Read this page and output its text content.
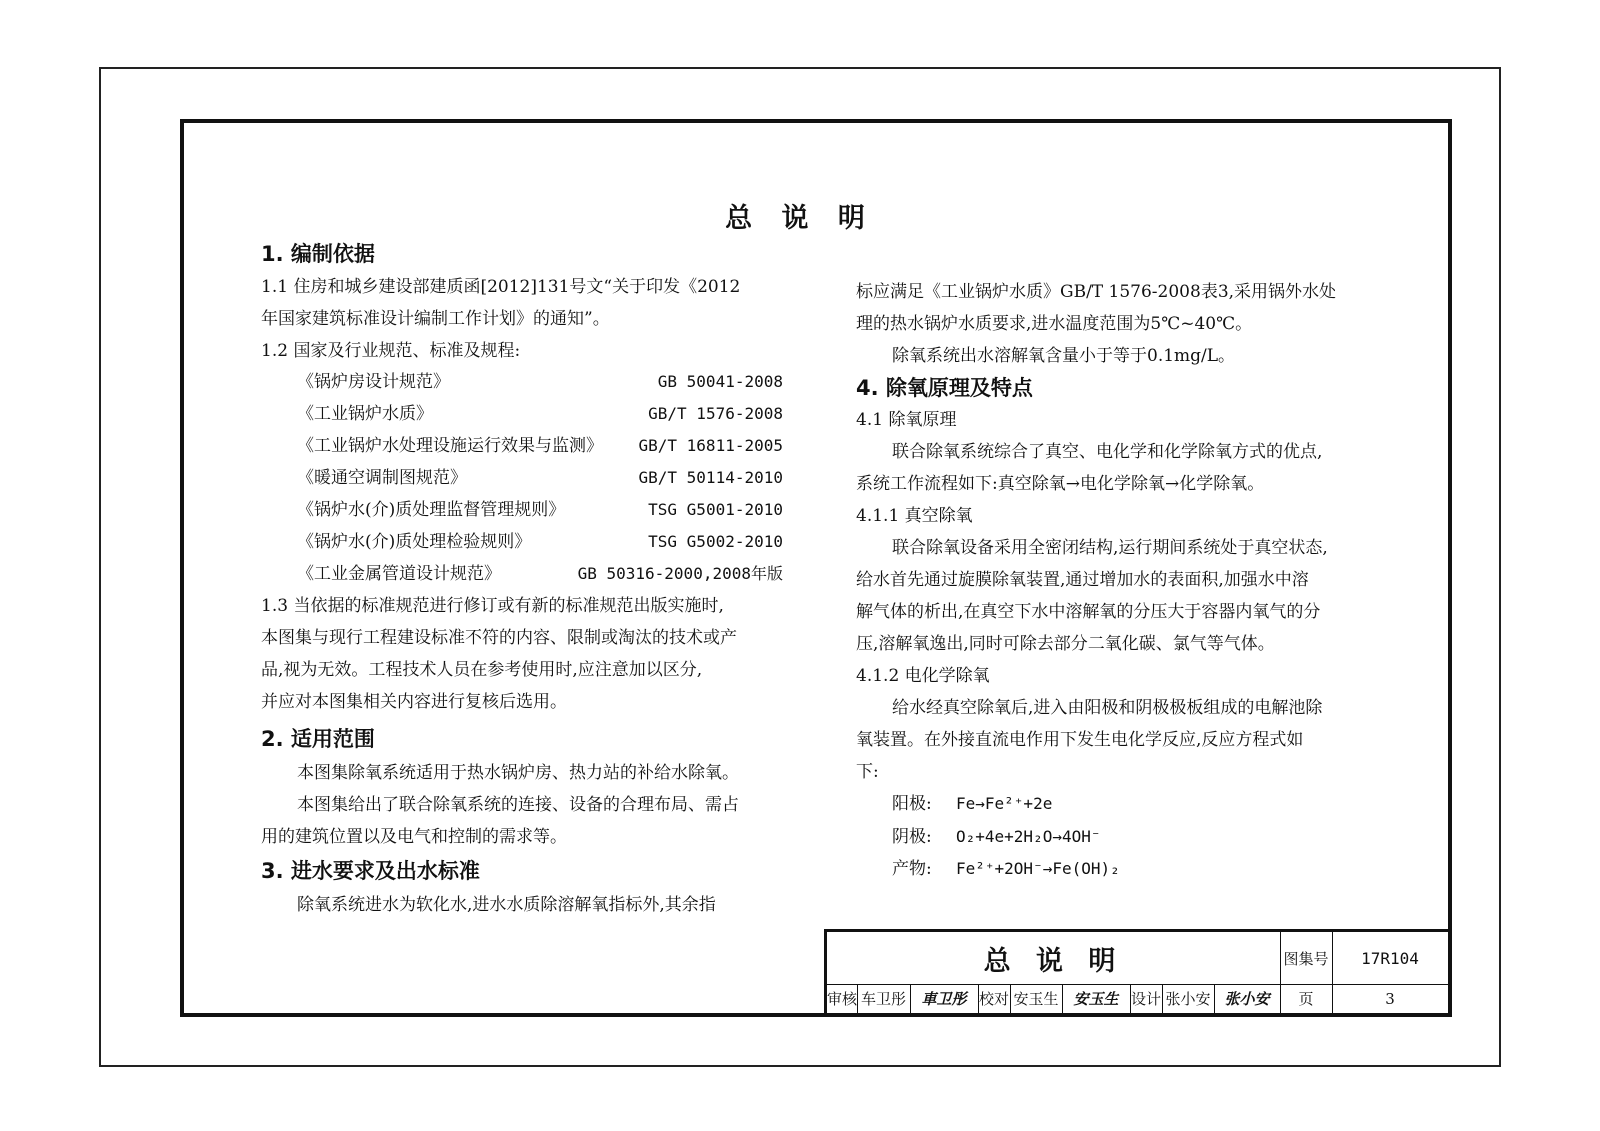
总 说 明
1. 编制依据
1.1 住房和城乡建设部建质函[2012]131号文“关于印发《2012
年国家建筑标准设计编制工作计划》的通知”。
1.2 国家及行业规范、标准及规程:
《锅炉房设计规范》	GB 50041-2008
《工业锅炉水质》	GB/T 1576-2008
《工业锅炉水处理设施运行效果与监测》 GB/T 16811-2005
《暖通空调制图规范》	GB/T 50114-2010
《锅炉水(介)质处理监督管理规则》	TSG G5001-2010
《锅炉水(介)质处理检验规则》	TSG G5002-2010
《工业金属管道设计规范》	GB 50316-2000,2008年版
1.3 当依据的标准规范进行修订或有新的标准规范出版实施时,
本图集与现行工程建设标准不符的内容、限制或淘汰的技术或产
品,视为无效。工程技术人员在参考使用时,应注意加以区分,
并应对本图集相关内容进行复核后选用。
2. 适用范围
本图集除氧系统适用于热水锅炉房、热力站的补给水除氧。
本图集给出了联合除氧系统的连接、设备的合理布局、需占
用的建筑位置以及电气和控制的需求等。
3. 进水要求及出水标准
除氧系统进水为软化水,进水水质除溶解氧指标外,其余指
标应满足《工业锅炉水质》GB/T 1576-2008表3,采用锅外水处
理的热水锅炉水质要求,进水温度范围为5℃~40℃。
除氧系统出水溶解氧含量小于等于0.1mg/L。
4. 除氧原理及特点
4.1 除氧原理
联合除氧系统综合了真空、电化学和化学除氧方式的优点,
系统工作流程如下:真空除氧→电化学除氧→化学除氧。
4.1.1 真空除氧
联合除氧设备采用全密闭结构,运行期间系统处于真空状态,
给水首先通过旋膜除氧装置,通过增加水的表面积,加强水中溶
解气体的析出,在真空下水中溶解氧的分压大于容器内氧气的分
压,溶解氧逸出,同时可除去部分二氧化碳、氯气等气体。
4.1.2 电化学除氧
给水经真空除氧后,进入由阳极和阴极极板组成的电解池除
氧装置。在外接直流电作用下发生电化学反应,反应方程式如
下:
阳极: Fe→Fe²⁺+2e
阴极: O₂+4e+2H₂O→4OH⁻
产物: Fe²⁺+2OH⁻→Fe(OH)₂
总 说 明	图集号	17R104
审核 车卫彤	車卫彤 校对 安玉生 安玉生 设计 张小安 张小安	页	3
